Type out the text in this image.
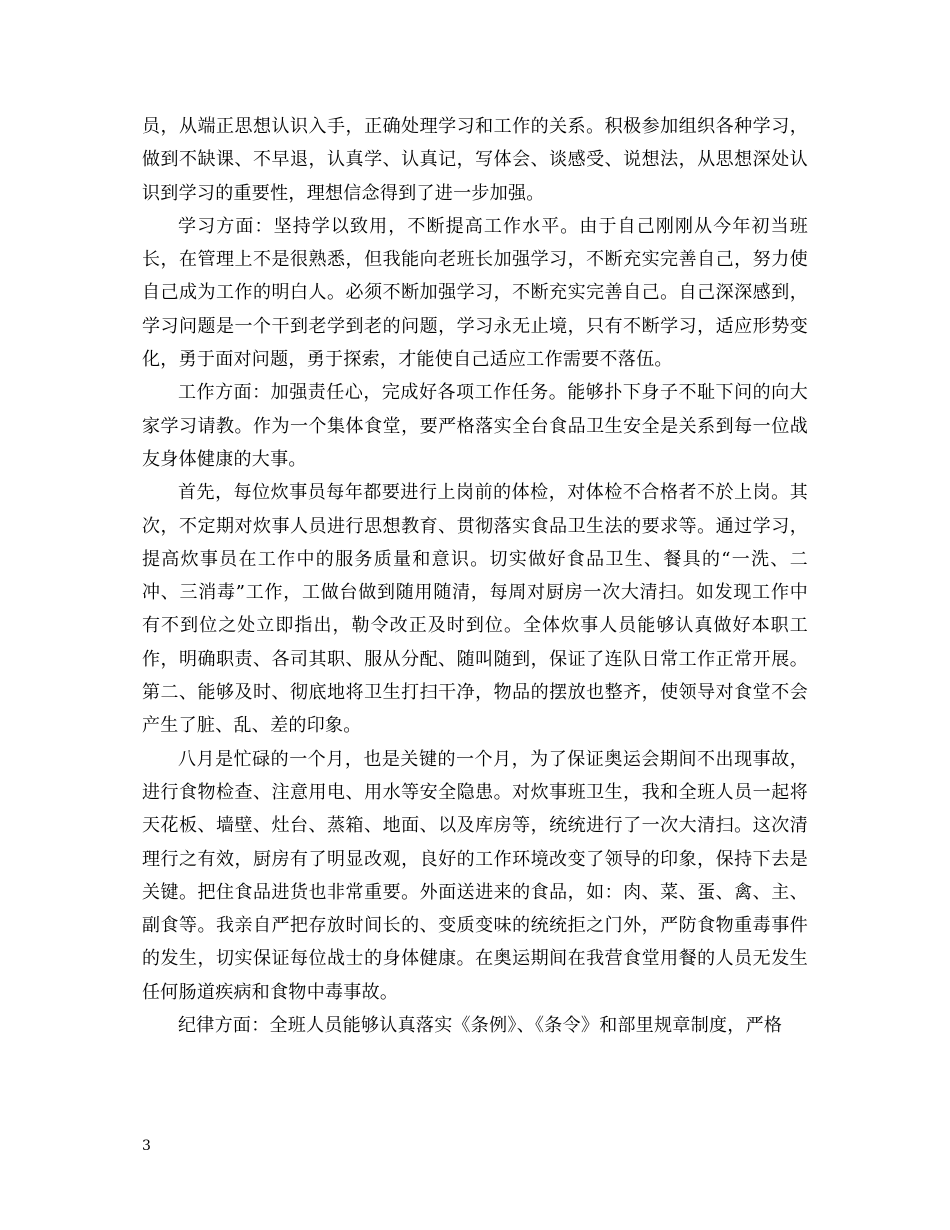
员，从端正思想认识入手，正确处理学习和工作的关系。积极参加组织各种学习，做到不缺课、不早退，认真学、认真记，写体会、谈感受、说想法，从思想深处认识到学习的重要性，理想信念得到了进一步加强。

学习方面：坚持学以致用，不断提高工作水平。由于自己刚刚从今年初当班长，在管理上不是很熟悉，但我能向老班长加强学习，不断充实完善自己，努力使自己成为工作的明白人。必须不断加强学习，不断充实完善自己。自己深深感到，学习问题是一个干到老学到老的问题，学习永无止境，只有不断学习，适应形势变化，勇于面对问题，勇于探索，才能使自己适应工作需要不落伍。

工作方面：加强责任心，完成好各项工作任务。能够扑下身子不耻下问的向大家学习请教。作为一个集体食堂，要严格落实全台食品卫生安全是关系到每一位战友身体健康的大事。

首先，每位炊事员每年都要进行上岗前的体检，对体检不合格者不於上岗。其次，不定期对炊事人员进行思想教育、贯彻落实食品卫生法的要求等。通过学习，提高炊事员在工作中的服务质量和意识。切实做好食品卫生、餐具的“一洗、二冲、三消毒”工作，工做台做到随用随清，每周对厨房一次大清扫。如发现工作中有不到位之处立即指出，勒令改正及时到位。全体炊事人员能够认真做好本职工作，明确职责、各司其职、服从分配、随叫随到，保证了连队日常工作正常开展。第二、能够及时、彻底地将卫生打扫干净，物品的摆放也整齐，使领导对食堂不会产生了脏、乱、差的印象。

八月是忙碌的一个月，也是关键的一个月，为了保证奥运会期间不出现事故，进行食物检查、注意用电、用水等安全隐患。对炊事班卫生，我和全班人员一起将天花板、墙壁、灶台、蒸箱、地面、以及库房等，统统进行了一次大清扫。这次清理行之有效，厨房有了明显改观，良好的工作环境改变了领导的印象，保持下去是关键。把住食品进货也非常重要。外面送进来的食品，如：肉、菜、蛋、禽、主、副食等。我亲自严把存放时间长的、变质变味的统统拒之门外，严防食物重毒事件的发生，切实保证每位战士的身体健康。在奥运期间在我营食堂用餐的人员无发生任何肠道疾病和食物中毒事故。

纪律方面：全班人员能够认真落实《条例》、《条令》和部里规章制度，严格

3
